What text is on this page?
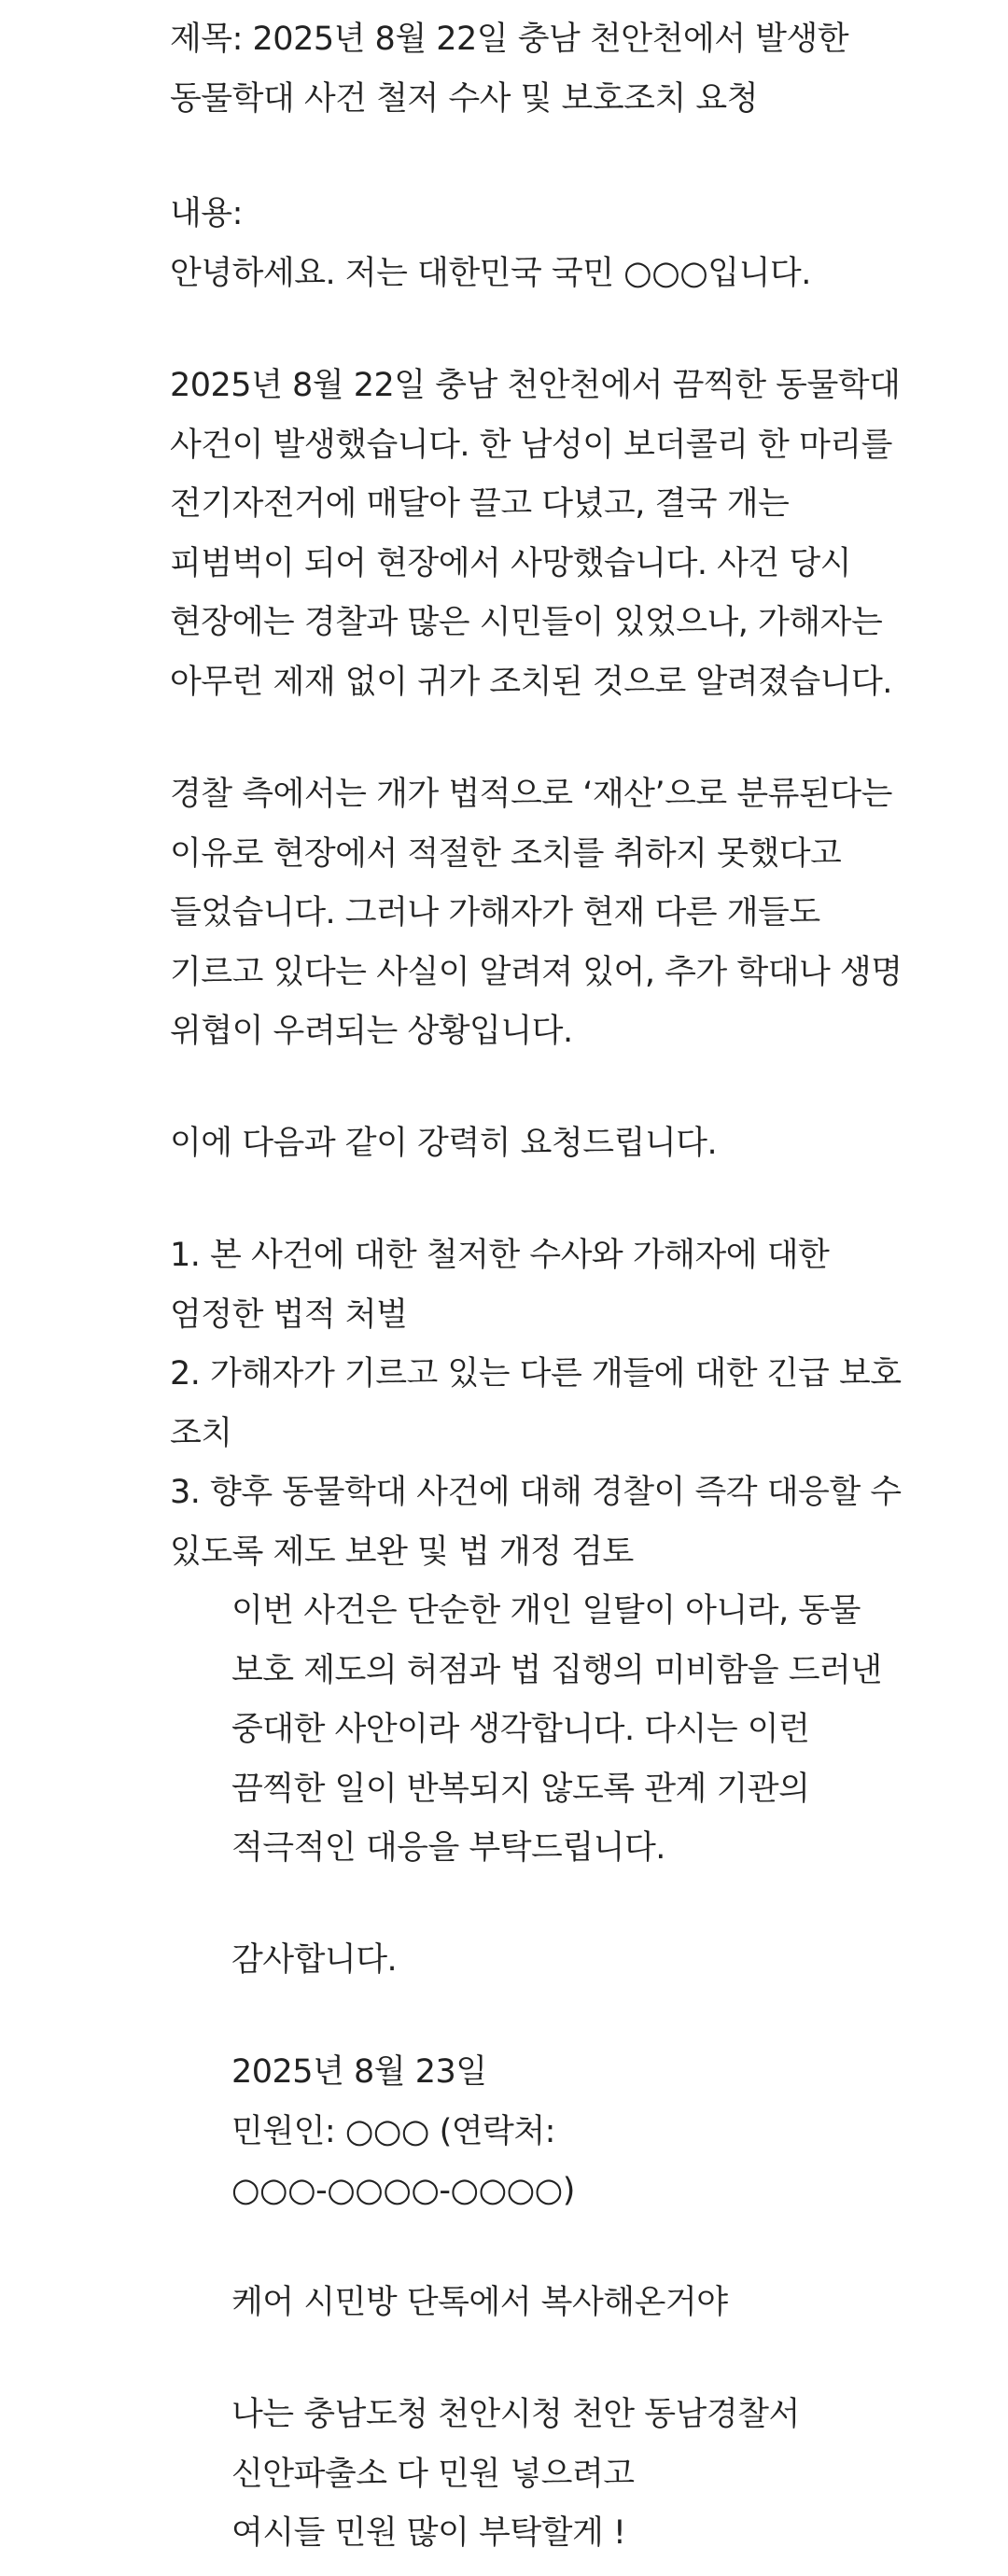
제목: 2025년 8월 22일 충남 천안천에서 발생한
동물학대 사건 철저 수사 및 보호조치 요청
내용:
안녕하세요. 저는 대한민국 국민 ○○○입니다.
2025년 8월 22일 충남 천안천에서 끔찍한 동물학대
사건이 발생했습니다. 한 남성이 보더콜리 한 마리를
전기자전거에 매달아 끌고 다녔고, 결국 개는
피범벅이 되어 현장에서 사망했습니다. 사건 당시
현장에는 경찰과 많은 시민들이 있었으나, 가해자는
아무런 제재 없이 귀가 조치된 것으로 알려졌습니다.
경찰 측에서는 개가 법적으로 ‘재산’으로 분류된다는
이유로 현장에서 적절한 조치를 취하지 못했다고
들었습니다. 그러나 가해자가 현재 다른 개들도
기르고 있다는 사실이 알려져 있어, 추가 학대나 생명
위협이 우려되는 상황입니다.
이에 다음과 같이 강력히 요청드립니다.
1. 본 사건에 대한 철저한 수사와 가해자에 대한
엄정한 법적 처벌
2. 가해자가 기르고 있는 다른 개들에 대한 긴급 보호
조치
3. 향후 동물학대 사건에 대해 경찰이 즉각 대응할 수
있도록 제도 보완 및 법 개정 검토
이번 사건은 단순한 개인 일탈이 아니라, 동물
보호 제도의 허점과 법 집행의 미비함을 드러낸
중대한 사안이라 생각합니다. 다시는 이런
끔찍한 일이 반복되지 않도록 관계 기관의
적극적인 대응을 부탁드립니다.
감사합니다.
2025년 8월 23일
민원인: ○○○ (연락처:
○○○-○○○○-○○○○)
케어 시민방 단톡에서 복사해온거야
나는 충남도청 천안시청 천안 동남경찰서
신안파출소 다 민원 넣으려고
여시들 민원 많이 부탁할게 !
